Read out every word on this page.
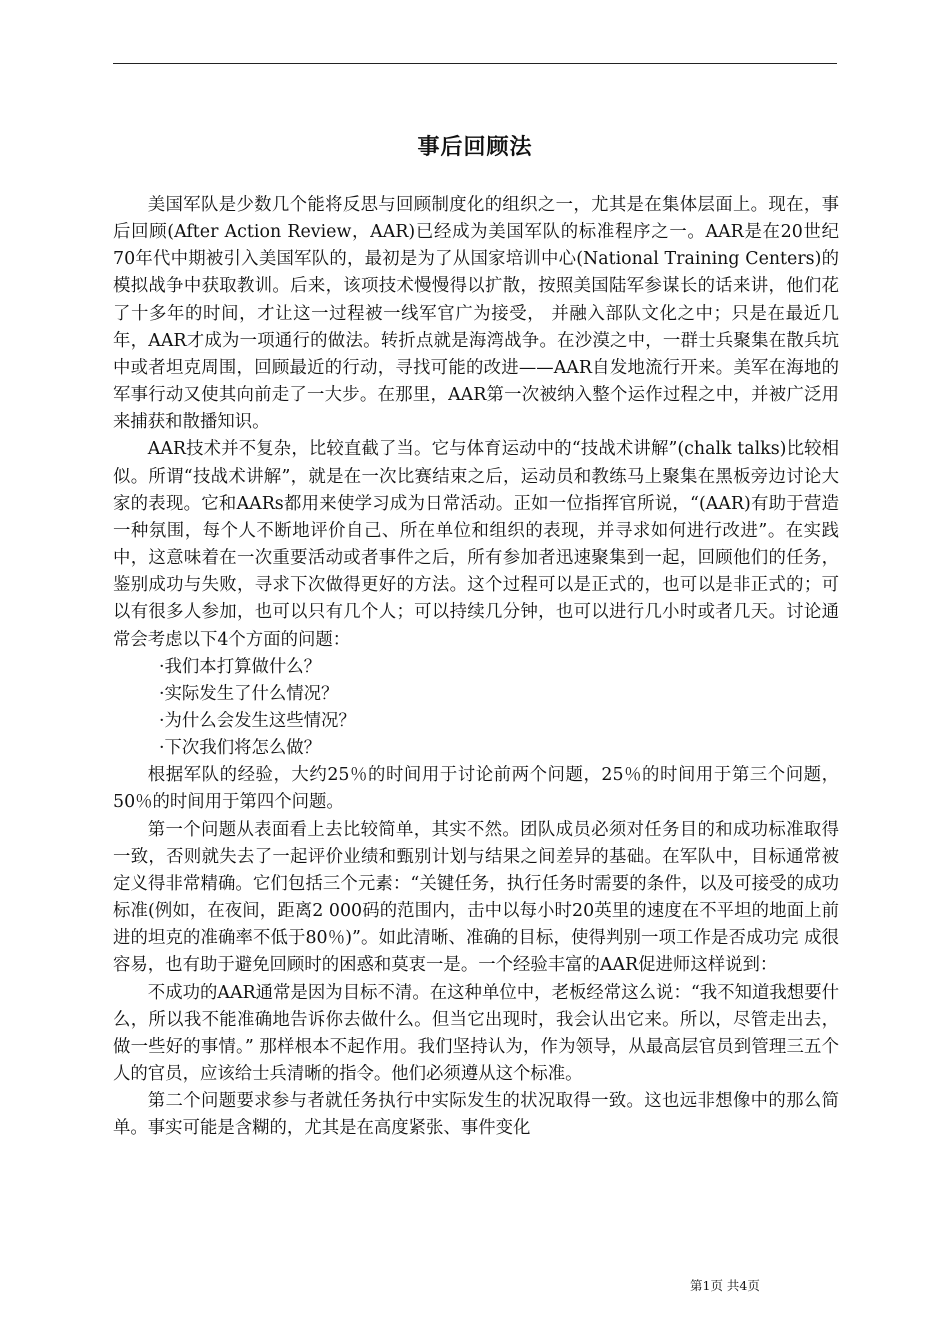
事后回顾法

美国军队是少数几个能将反思与回顾制度化的组织之一，尤其是在集体层面上。现在，事后回顾(After Action Review，AAR)已经成为美国军队的标准程序之一。AAR是在20世纪70年代中期被引入美国军队的，最初是为了从国家培训中心(National Training Centers)的模拟战争中获取教训。后来，该项技术慢慢得以扩散，按照美国陆军参谋长的话来讲，他们花了十多年的时间，才让这一过程被一线军官广为接受， 并融入部队文化之中；只是在最近几年，AAR才成为一项通行的做法。转折点就是海湾战争。在沙漠之中，一群士兵聚集在散兵坑中或者坦克周围，回顾最近的行动，寻找可能的改进——AAR自发地流行开来。美军在海地的军事行动又使其向前走了一大步。在那里，AAR第一次被纳入整个运作过程之中，并被广泛用来捕获和散播知识。

AAR技术并不复杂，比较直截了当。它与体育运动中的“技战术讲解”(chalk talks)比较相似。所谓“技战术讲解”，就是在一次比赛结束之后，运动员和教练马上聚集在黑板旁边讨论大家的表现。它和AARs都用来使学习成为日常活动。正如一位指挥官所说，“(AAR)有助于营造一种氛围，每个人不断地评价自己、所在单位和组织的表现，并寻求如何进行改进”。在实践中，这意味着在一次重要活动或者事件之后，所有参加者迅速聚集到一起，回顾他们的任务，鉴别成功与失败，寻求下次做得更好的方法。这个过程可以是正式的，也可以是非正式的；可以有很多人参加，也可以只有几个人；可以持续几分钟，也可以进行几小时或者几天。讨论通常会考虑以下4个方面的问题：

·我们本打算做什么？

·实际发生了什么情况？

·为什么会发生这些情况？

·下次我们将怎么做？

根据军队的经验，大约25％的时间用于讨论前两个问题，25％的时间用于第三个问题，50％的时间用于第四个问题。

第一个问题从表面看上去比较简单，其实不然。团队成员必须对任务目的和成功标准取得一致，否则就失去了一起评价业绩和甄别计划与结果之间差异的基础。在军队中，目标通常被定义得非常精确。它们包括三个元素：“关键任务，执行任务时需要的条件，以及可接受的成功标准(例如，在夜间，距离2 000码的范围内，击中以每小时20英里的速度在不平坦的地面上前进的坦克的准确率不低于80％)”。如此清晰、准确的目标，使得判别一项工作是否成功完 成很容易，也有助于避免回顾时的困惑和莫衷一是。一个经验丰富的AAR促进师这样说到：

不成功的AAR通常是因为目标不清。在这种单位中，老板经常这么说：“我不知道我想要什么，所以我不能准确地告诉你去做什么。但当它出现时，我会认出它来。所以，尽管走出去，做一些好的事情。” 那样根本不起作用。我们坚持认为，作为领导，从最高层官员到管理三五个人的官员，应该给士兵清晰的指令。他们必须遵从这个标准。

第二个问题要求参与者就任务执行中实际发生的状况取得一致。这也远非想像中的那么简单。事实可能是含糊的，尤其是在高度紧张、事件变化

第1页 共4页
